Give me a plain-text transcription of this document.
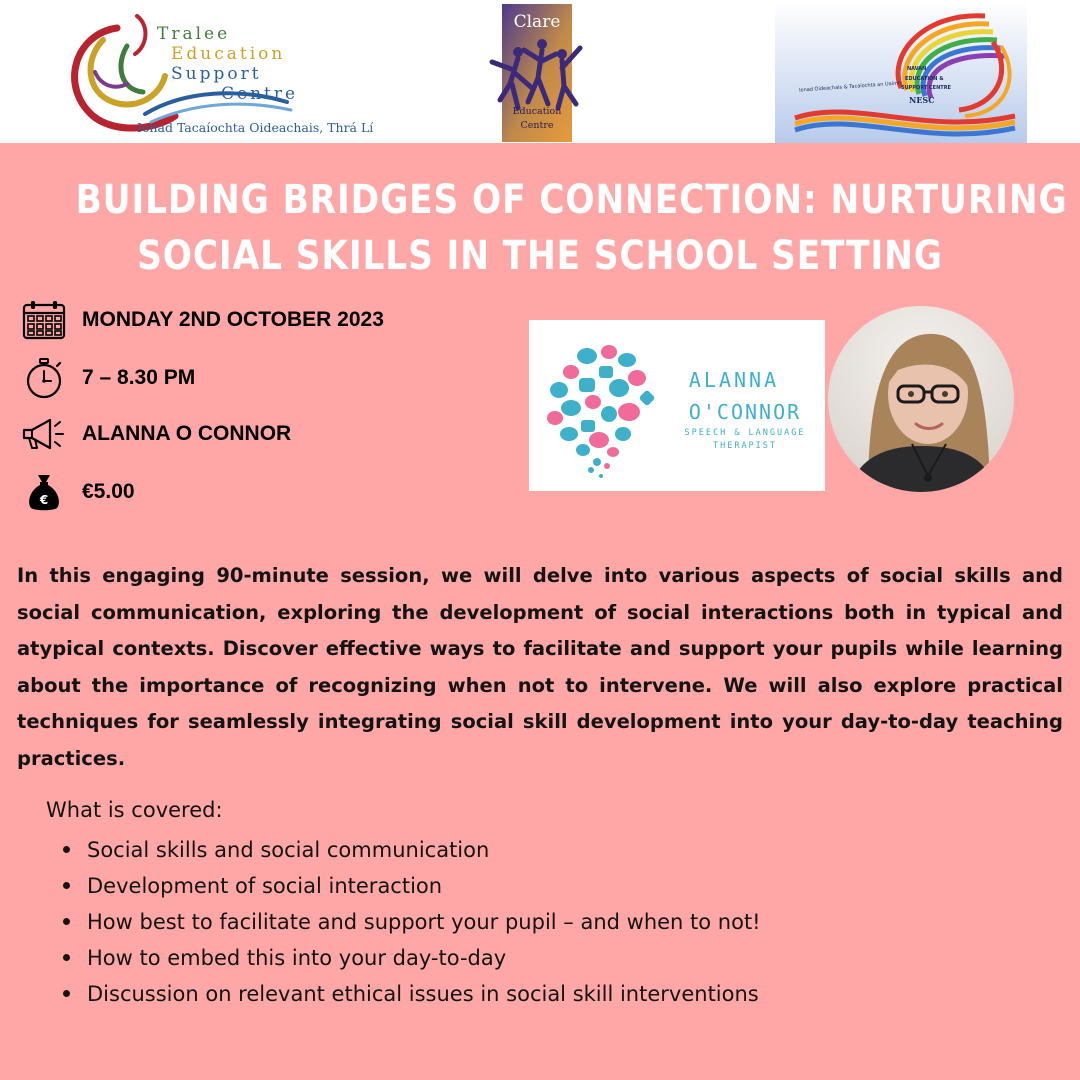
Tralee
Education
Support
Centre
Ionad Tacaíochta Oideachais, Thrá Lí
Clare
Education
Centre
NAVAN
EDUCATION &
SUPPORT CENTRE
NESC
Ionad Oideachais & Tacaíochta an Uaimh
BUILDING BRIDGES OF CONNECTION: NURTURING
SOCIAL SKILLS IN THE SCHOOL SETTING
MONDAY 2ND OCTOBER 2023
7 – 8.30 PM
ALANNA O CONNOR
€ €5.00
ALANNA
O'CONNOR
SPEECH & LANGUAGE
THERAPIST
In this engaging 90-minute session, we will delve into various aspects of social skills and social communication, exploring the development of social interactions both in typical and atypical contexts. Discover effective ways to facilitate and support your pupils while learning about the importance of recognizing when not to intervene. We will also explore practical techniques for seamlessly integrating social skill development into your day-to-day teaching practices.
What is covered:
Social skills and social communication
Development of social interaction
How best to facilitate and support your pupil – and when to not!
How to embed this into your day-to-day
Discussion on relevant ethical issues in social skill interventions
